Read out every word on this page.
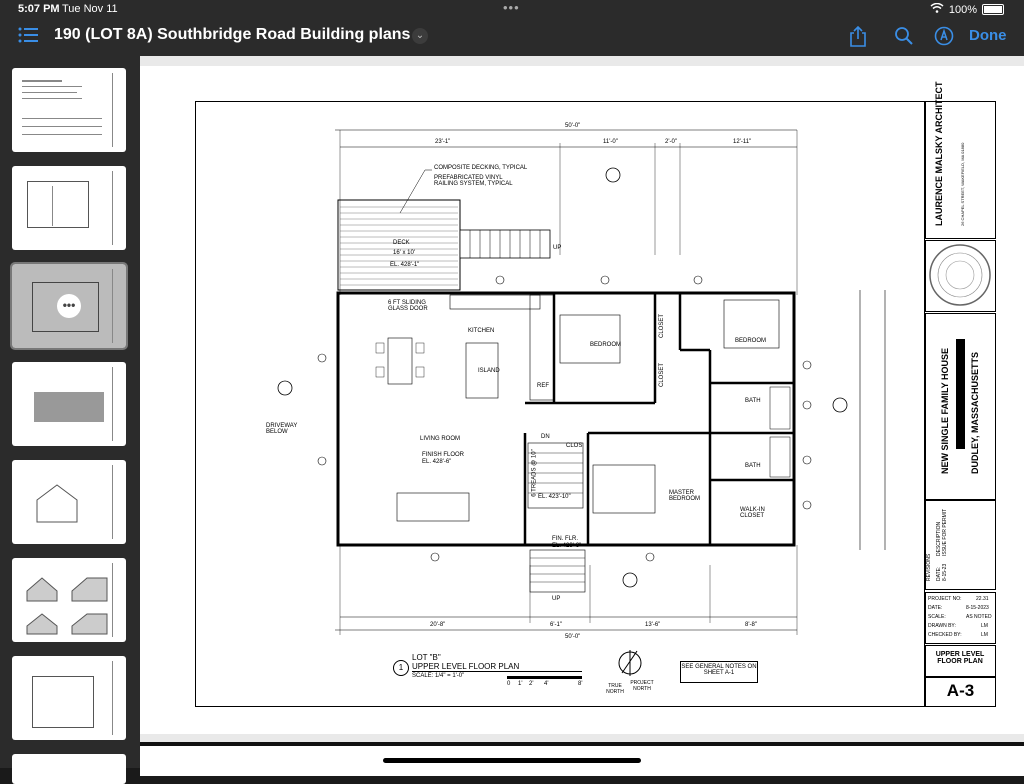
5:07 PM Tue Nov 11	•••	100%
190 (LOT 8A) Southbridge Road Building plans ⌄	Done
•••
50'-0"
23'-1"	11'-0"	2'-0"	12'-11"
20'-8"	6'-1"	13'-6"	8'-8"
50'-0"
COMPOSITE DECKING, TYPICAL
PREFABRICATED VINYL RAILING SYSTEM, TYPICAL
DECK
16' x 10'
EL. 428'-1"
UP
6 FT SLIDING GLASS DOOR
KITCHEN
ISLAND
REF
DRIVEWAY BELOW
LIVING ROOM
FINISH FLOOR
EL. 428'-6"
BEDROOM
BEDROOM
MASTER BEDROOM
BATH
BATH
WALK-IN CLOSET
CLOS
DN
EL. 423'-10"
FIN. FLR.
EL. 423'-3"
UP
6 TREADS @ 10"
CLOSET
CLOSET
1
LOT "B"
UPPER LEVEL FLOOR PLAN
SCALE: 1/4" = 1'-0"
0 1' 2' 4'	8'	TRUE NORTH
PROJECT NORTH
SEE GENERAL NOTES ON SHEET A-1
LAURENCE MALSKY ARCHITECT	26 CHAPEL STREET, WAKEFIELD, MA 01880
NEW SINGLE FAMILY HOUSE DUDLEY, MASSACHUSETTS
REVISIONS DATE: 8-15-23
DESCRIPTION ISSUE FOR PERMIT
PROJECT NO:	22.31
DATE:	8-15-2023
SCALE:	AS NOTED
DRAWN BY:	LM
CHECKED BY:	LM
UPPER LEVEL FLOOR PLAN
A-3
